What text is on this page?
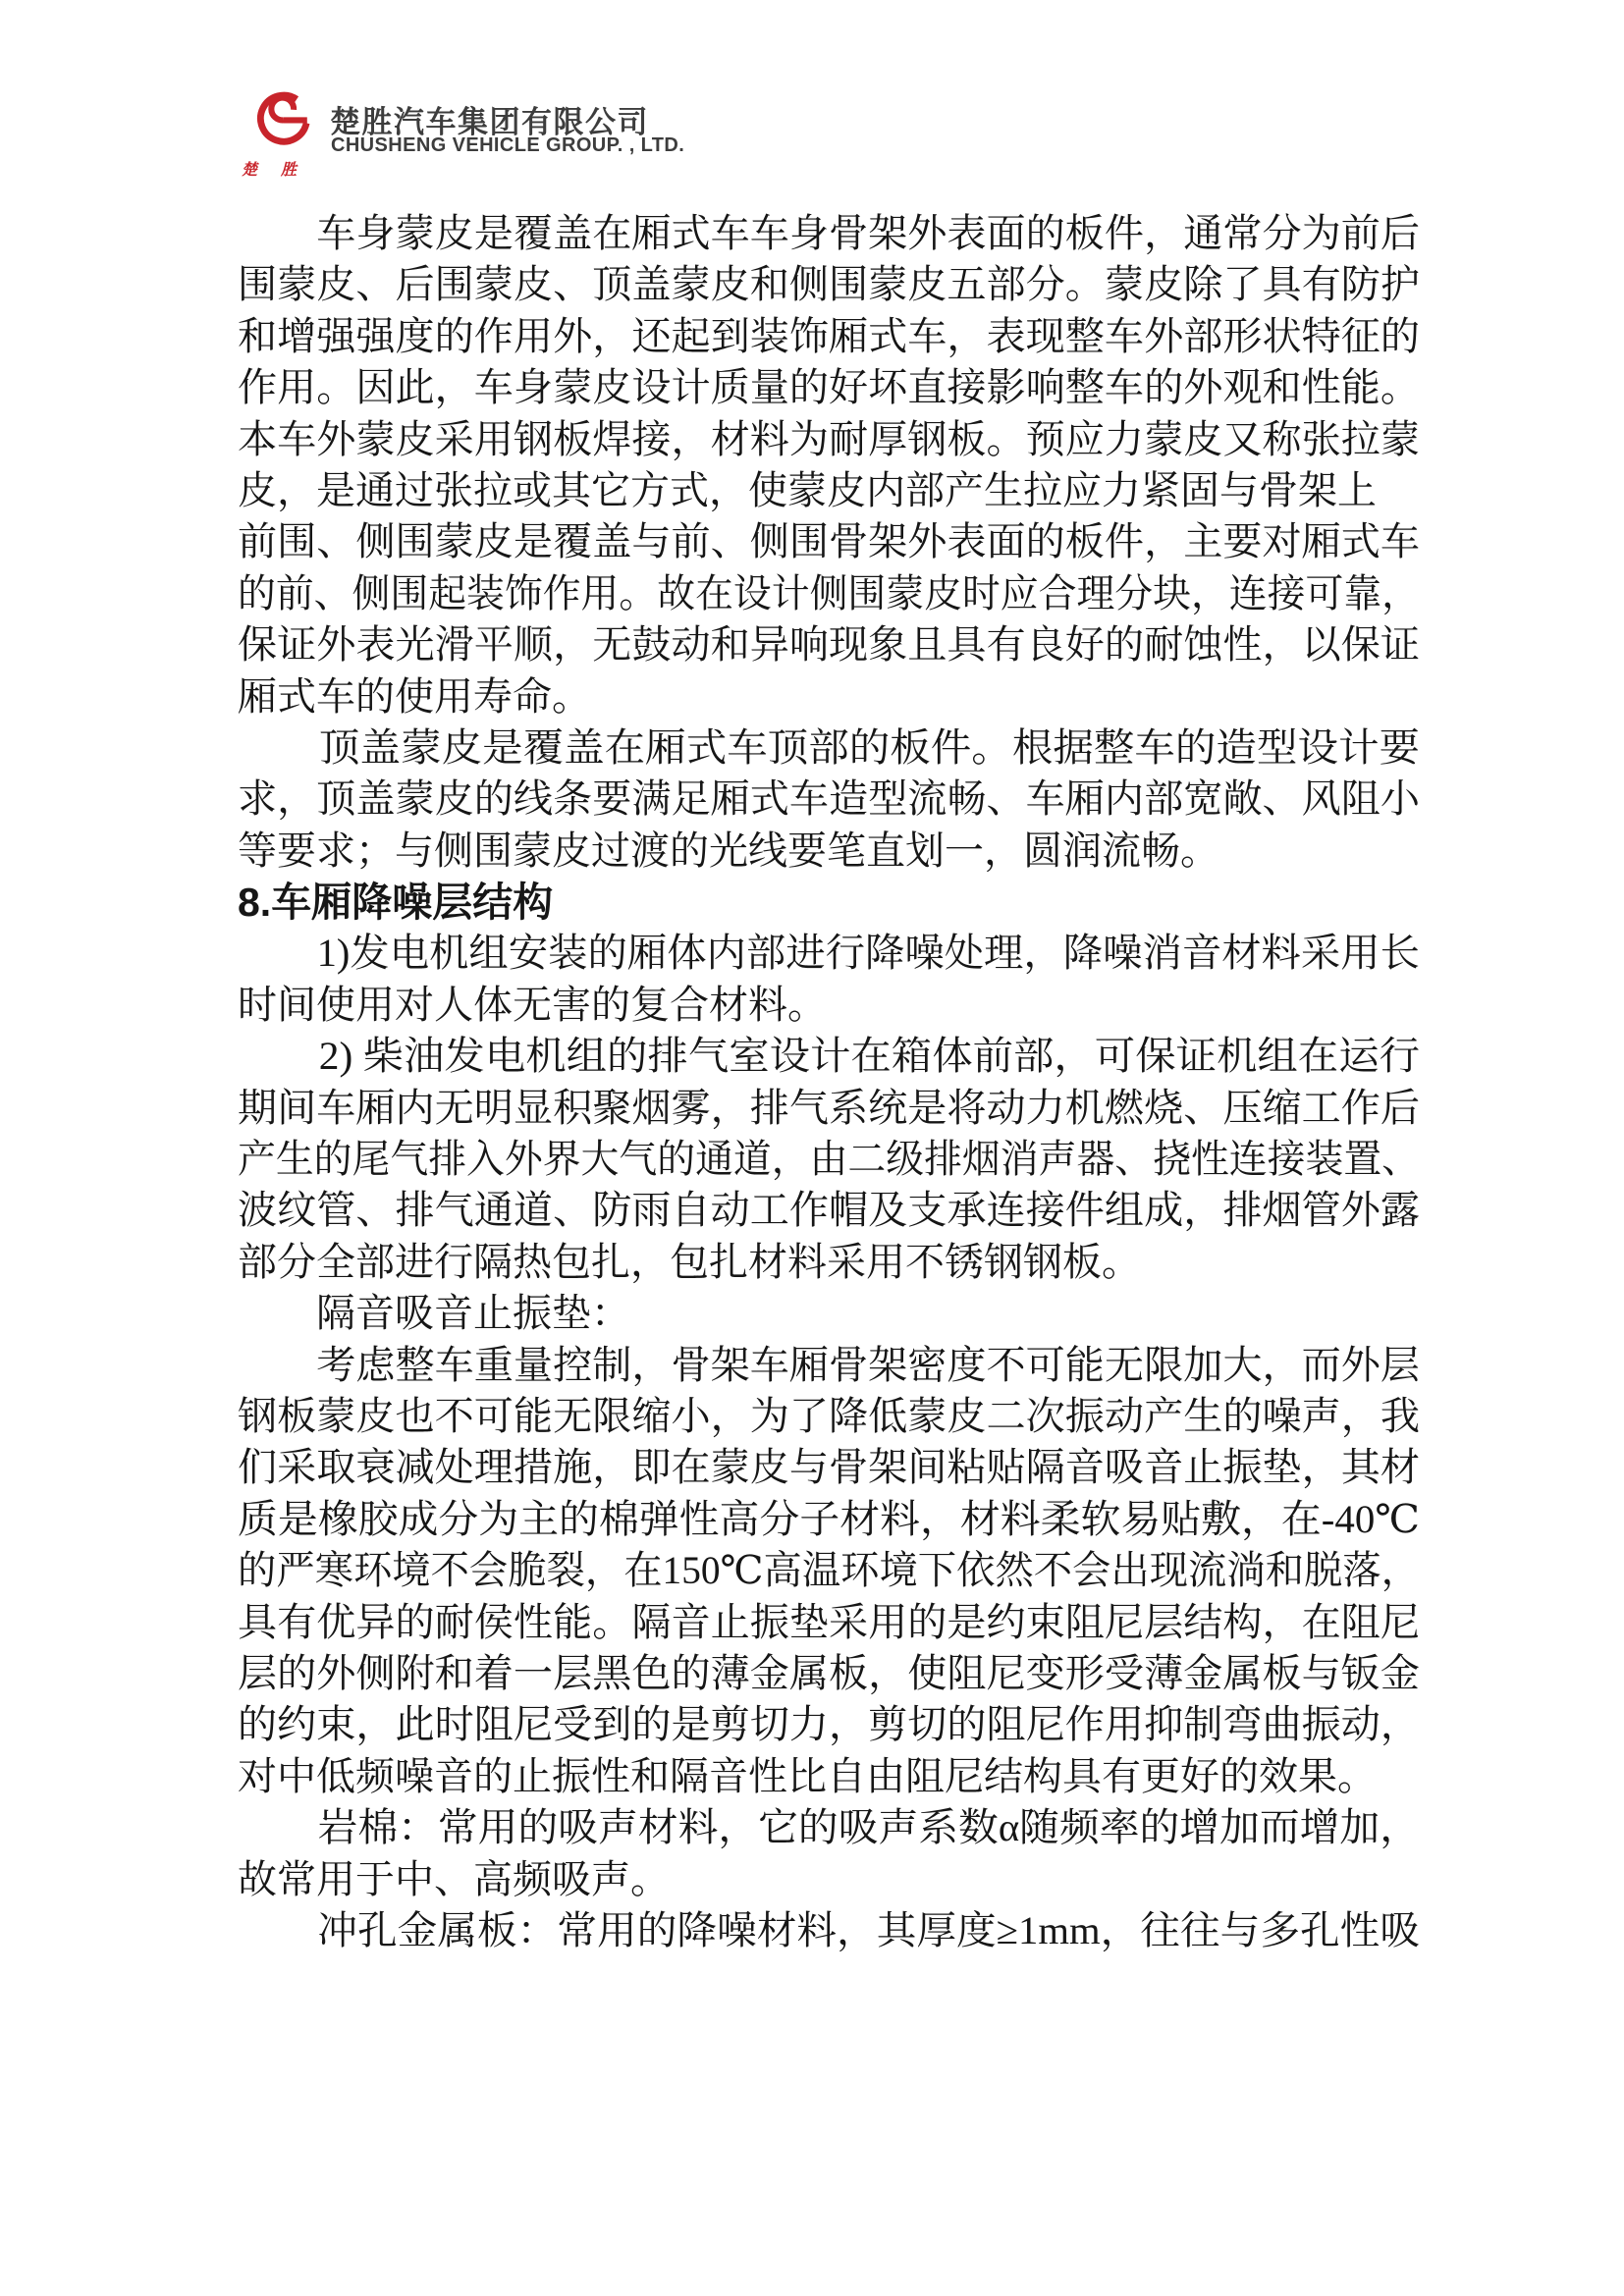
楚胜
楚胜汽车集团有限公司
CHUSHENG VEHICLE GROUP. , LTD.
　　车身蒙皮是覆盖在厢式车车身骨架外表面的板件，通常分为前后
围蒙皮、后围蒙皮、顶盖蒙皮和侧围蒙皮五部分。蒙皮除了具有防护
和增强强度的作用外，还起到装饰厢式车，表现整车外部形状特征的
作用。因此，车身蒙皮设计质量的好坏直接影响整车的外观和性能。
本车外蒙皮采用钢板焊接，材料为耐厚钢板。预应力蒙皮又称张拉蒙
皮，是通过张拉或其它方式，使蒙皮内部产生拉应力紧固与骨架上
前围、侧围蒙皮是覆盖与前、侧围骨架外表面的板件，主要对厢式车
的前、侧围起装饰作用。故在设计侧围蒙皮时应合理分块，连接可靠，
保证外表光滑平顺，无鼓动和异响现象且具有良好的耐蚀性，以保证
厢式车的使用寿命。
　　顶盖蒙皮是覆盖在厢式车顶部的板件。根据整车的造型设计要
求，顶盖蒙皮的线条要满足厢式车造型流畅、车厢内部宽敞、风阻小
等要求；与侧围蒙皮过渡的光线要笔直划一，圆润流畅。
8.车厢降噪层结构
　　1)发电机组安装的厢体内部进行降噪处理，降噪消音材料采用长
时间使用对人体无害的复合材料。
　　2) 柴油发电机组的排气室设计在箱体前部，可保证机组在运行
期间车厢内无明显积聚烟雾，排气系统是将动力机燃烧、压缩工作后
产生的尾气排入外界大气的通道，由二级排烟消声器、挠性连接装置、
波纹管、排气通道、防雨自动工作帽及支承连接件组成，排烟管外露
部分全部进行隔热包扎，包扎材料采用不锈钢钢板。
　　隔音吸音止振垫：
　　考虑整车重量控制，骨架车厢骨架密度不可能无限加大，而外层
钢板蒙皮也不可能无限缩小，为了降低蒙皮二次振动产生的噪声，我
们采取衰减处理措施，即在蒙皮与骨架间粘贴隔音吸音止振垫，其材
质是橡胶成分为主的棉弹性高分子材料，材料柔软易贴敷，在-40℃
的严寒环境不会脆裂，在150℃高温环境下依然不会出现流淌和脱落，
具有优异的耐侯性能。隔音止振垫采用的是约束阻尼层结构，在阻尼
层的外侧附和着一层黑色的薄金属板，使阻尼变形受薄金属板与钣金
的约束，此时阻尼受到的是剪切力，剪切的阻尼作用抑制弯曲振动，
对中低频噪音的止振性和隔音性比自由阻尼结构具有更好的效果。
　　岩棉：常用的吸声材料，它的吸声系数α随频率的增加而增加，
故常用于中、高频吸声。
　　冲孔金属板：常用的降噪材料，其厚度≥1mm，往往与多孔性吸
